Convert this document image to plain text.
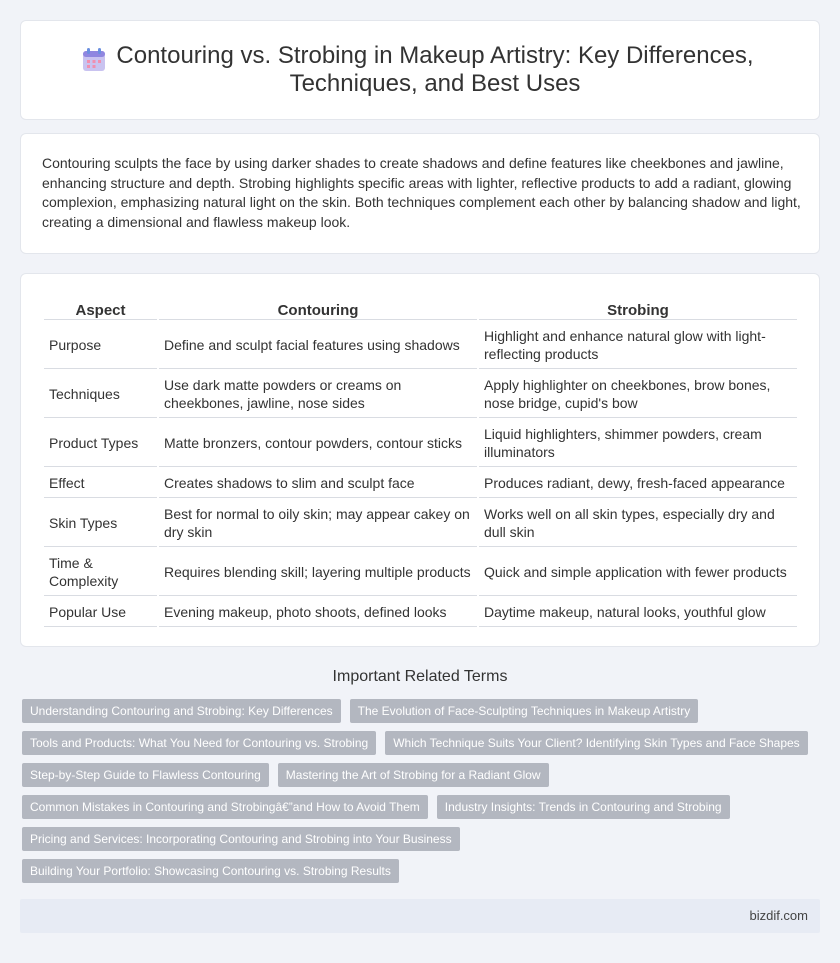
Contouring vs. Strobing in Makeup Artistry: Key Differences, Techniques, and Best Uses

Contouring sculpts the face by using darker shades to create shadows and define features like cheekbones and jawline, enhancing structure and depth. Strobing highlights specific areas with lighter, reflective products to add a radiant, glowing complexion, emphasizing natural light on the skin. Both techniques complement each other by balancing shadow and light, creating a dimensional and flawless makeup look.

Aspect	Contouring	Strobing
Purpose	Define and sculpt facial features using shadows	Highlight and enhance natural glow with light-reflecting products
Techniques	Use dark matte powders or creams on cheekbones, jawline, nose sides	Apply highlighter on cheekbones, brow bones, nose bridge, cupid's bow
Product Types	Matte bronzers, contour powders, contour sticks	Liquid highlighters, shimmer powders, cream illuminators
Effect	Creates shadows to slim and sculpt face	Produces radiant, dewy, fresh-faced appearance
Skin Types	Best for normal to oily skin; may appear cakey on dry skin	Works well on all skin types, especially dry and dull skin
Time & Complexity	Requires blending skill; layering multiple products	Quick and simple application with fewer products
Popular Use	Evening makeup, photo shoots, defined looks	Daytime makeup, natural looks, youthful glow
Important Related Terms
Understanding Contouring and Strobing: Key Differences	The Evolution of Face-Sculpting Techniques in Makeup Artistry
Tools and Products: What You Need for Contouring vs. Strobing	Which Technique Suits Your Client? Identifying Skin Types and Face Shapes
Step-by-Step Guide to Flawless Contouring	Mastering the Art of Strobing for a Radiant Glow
Common Mistakes in Contouring and Strobingâ€”and How to Avoid Them	Industry Insights: Trends in Contouring and Strobing
Pricing and Services: Incorporating Contouring and Strobing into Your Business
Building Your Portfolio: Showcasing Contouring vs. Strobing Results
bizdif.com
